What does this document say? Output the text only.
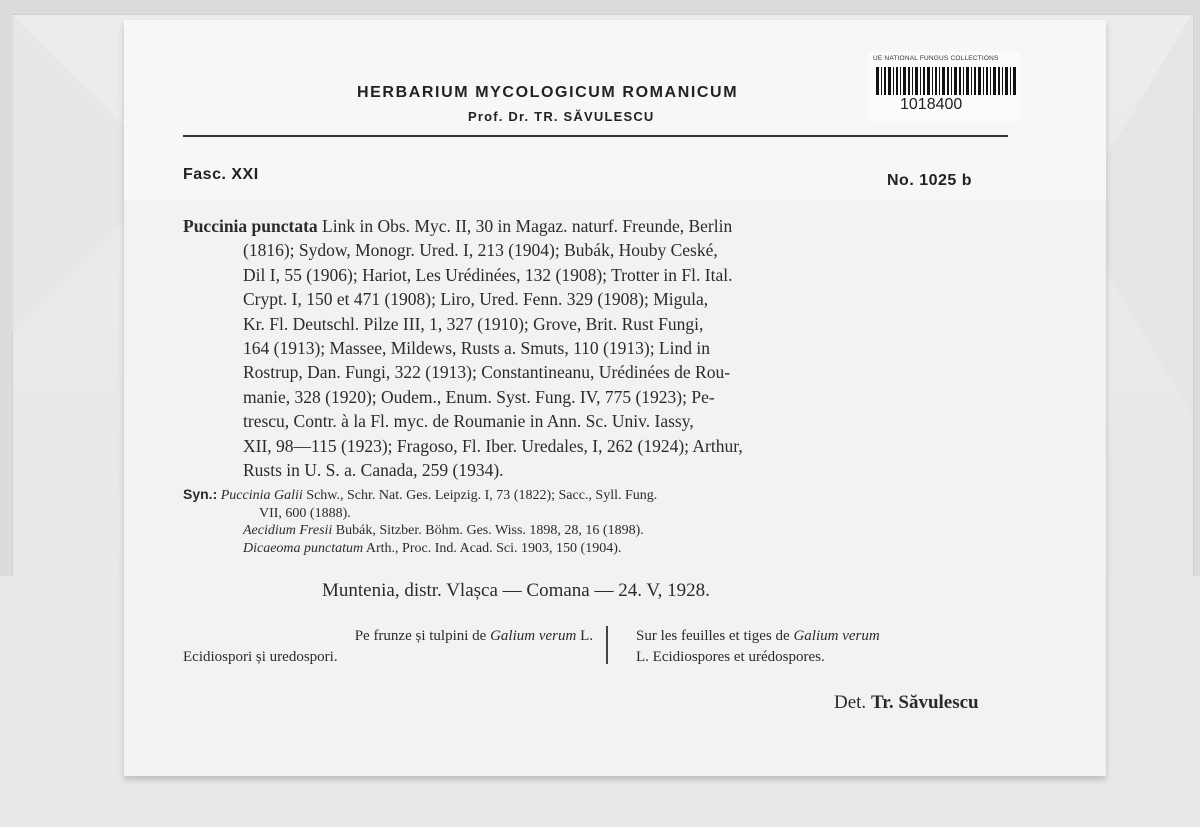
HERBARIUM MYCOLOGICUM ROMANICUM
Prof. Dr. TR. SĂVULESCU
UE NATIONAL FUNGUS COLLECTIONS
1018400
Fasc. XXI	No. 1025 b
Puccinia punctata Link in Obs. Myc. II, 30 in Magaz. naturf. Freunde, Berlin
(1816); Sydow, Monogr. Ured. I, 213 (1904); Bubák, Houby Ceské,
Dil I, 55 (1906); Hariot, Les Urédinées, 132 (1908); Trotter in Fl. Ital.
Crypt. I, 150 et 471 (1908); Liro, Ured. Fenn. 329 (1908); Migula,
Kr. Fl. Deutschl. Pilze III, 1, 327 (1910); Grove, Brit. Rust Fungi,
164 (1913); Massee, Mildews, Rusts a. Smuts, 110 (1913); Lind in
Rostrup, Dan. Fungi, 322 (1913); Constantineanu, Urédinées de Rou-
manie, 328 (1920); Oudem., Enum. Syst. Fung. IV, 775 (1923); Pe-
trescu, Contr. à la Fl. myc. de Roumanie in Ann. Sc. Univ. Iassy,
XII, 98—115 (1923); Fragoso, Fl. Iber. Uredales, I, 262 (1924); Arthur,
Rusts in U. S. a. Canada, 259 (1934).
Syn.: Puccinia Galii Schw., Schr. Nat. Ges. Leipzig. I, 73 (1822); Sacc., Syll. Fung.
VII, 600 (1888).
Aecidium Fresii Bubák, Sitzber. Böhm. Ges. Wiss. 1898, 28, 16 (1898).
Dicaeoma punctatum Arth., Proc. Ind. Acad. Sci. 1903, 150 (1904).
Muntenia, distr. Vlașca — Comana — 24. V, 1928.
Pe frunze și tulpini de Galium verum L.
Ecidiospori și uredospori.
Sur les feuilles et tiges de Galium verum
L. Ecidiospores et urédospores.
Det. Tr. Săvulescu
